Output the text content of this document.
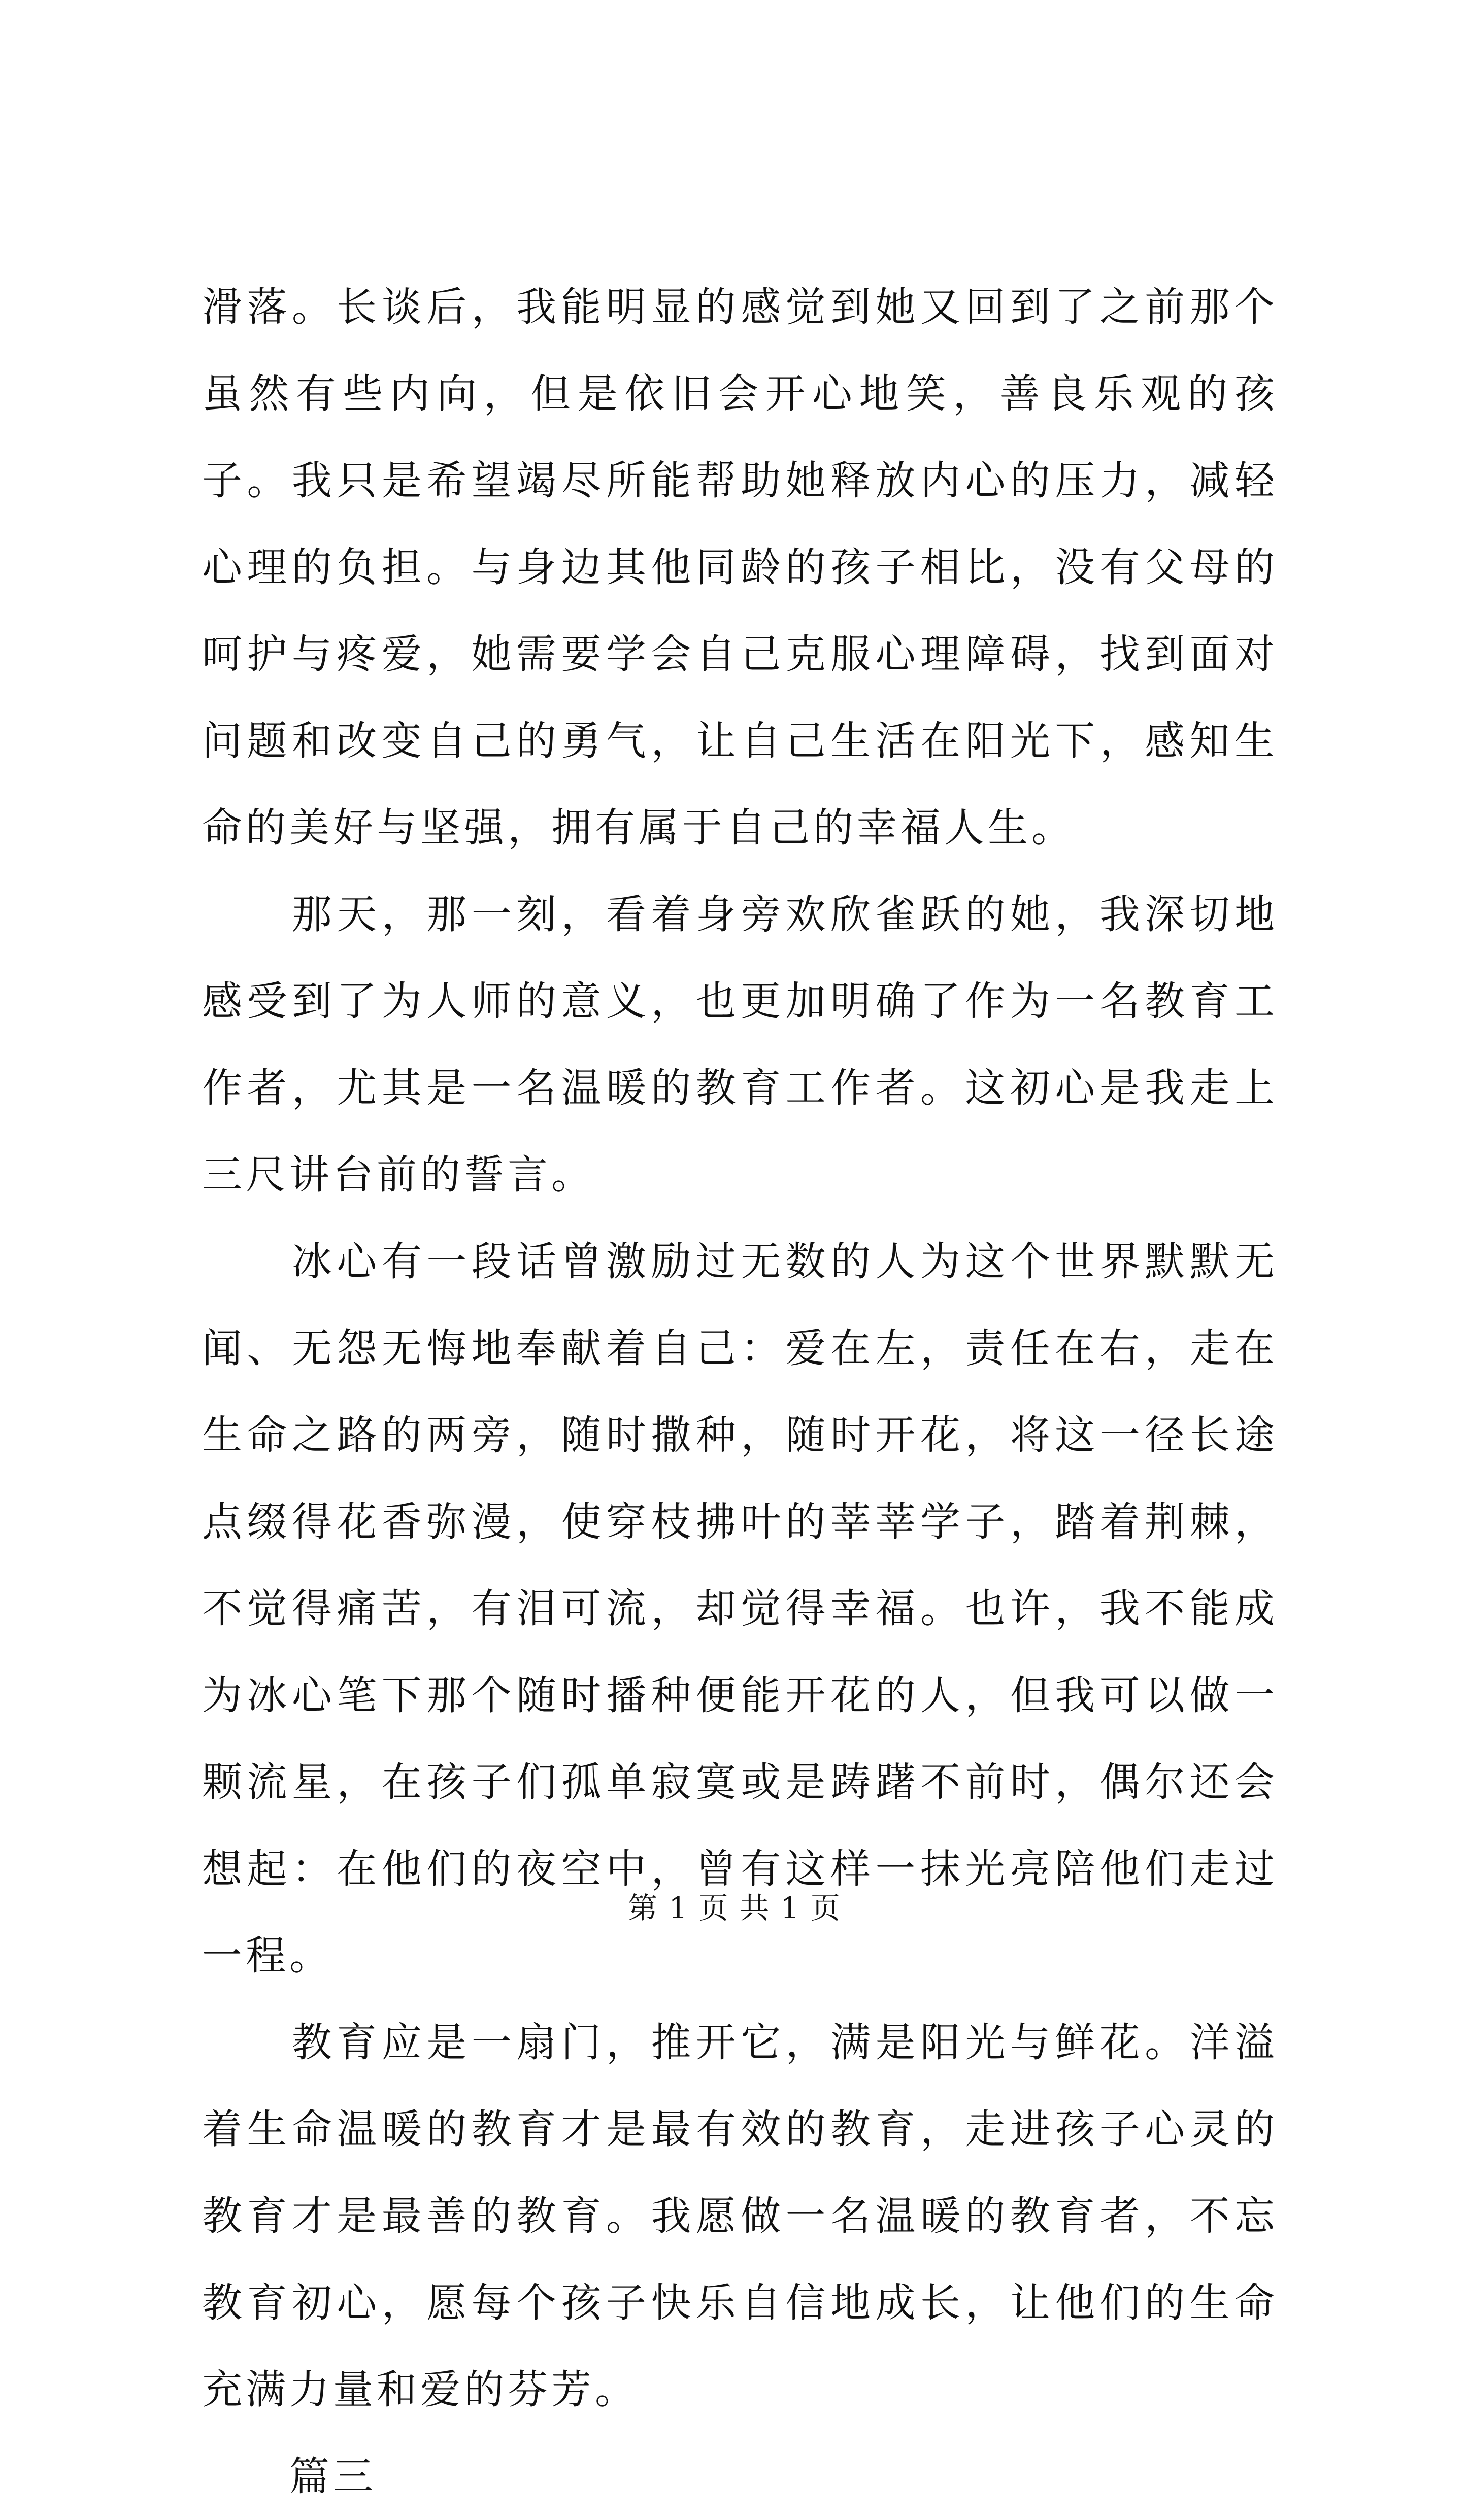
滑落。长谈后，我能明显的感觉到她又回到了之前那个虽然有些内向，但是依旧会开心地笑，善良乐观的孩子。我只是希望竭尽所能帮助她释放内心的压力，减轻心理的负担。与身边其他同龄的孩子相比，没有父母的呵护与疼爱，她需要学会自己克服心理障碍，找到面对问题和改变自己的勇气，让自己生活在阳光下，感知生命的美好与坚强，拥有属于自己的幸福人生。

　　那天，那一刻，看着身旁欢欣雀跃的她，我深切地感受到了为人师的意义，也更加明确了作为一名教育工作者，尤其是一名温暖的教育工作者。这初心是我走上三尺讲台前的誓言。

　　冰心有一段话曾激励过无数的人为这个世界默默无闻、无怨无悔地奉献着自己：爱在左，责任在右，走在生命之路的两旁，随时撒种，随时开花，将这一径长途点缀得花香弥漫，使穿枝拂叶的莘莘学子，踏着荆棘，不觉得痛苦，有泪可流，却觉得幸福。也许，我不能成为冰心笔下那个随时播种便能开花的人，但我可以做一颗流星，在孩子们孤单寂寞或是踌躇不前时，偶尔还会想起：在他们的夜空中，曾有这样一抹光亮陪他们走过一程。

　　教育应是一扇门，推开它，满是阳光与鲜花。洋溢着生命温暖的教育才是最有效的教育，走进孩子心灵的教育才是最善的教育。我愿做一名温暖的教育者，不忘教育初心，愿每个孩子快乐自信地成长，让他们的生命充满力量和爱的芬芳。

　　篇三

第 1 页 共 1 页
